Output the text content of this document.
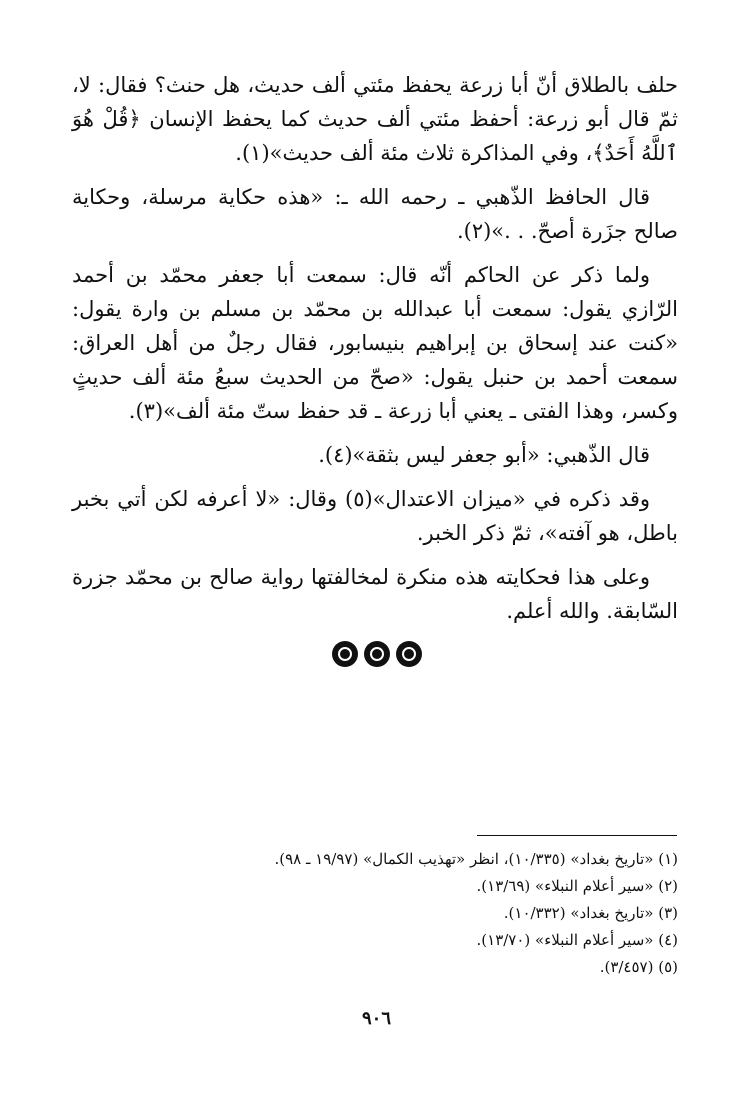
حلف بالطلاق أنّ أبا زرعة يحفظ مئتي ألف حديث، هل حنث؟ فقال: لا، ثمّ قال أبو زرعة: أحفظ مئتي ألف حديث كما يحفظ الإنسان ﴿قُلْ هُوَ ٱللَّهُ أَحَدٌ﴾، وفي المذاكرة ثلاث مئة ألف حديث»(١).

قال الحافظ الذّهبي ـ رحمه الله ـ: «هذه حكاية مرسلة، وحكاية صالح جزَرة أصحّ. . .»(٢).

ولما ذكر عن الحاكم أنّه قال: سمعت أبا جعفر محمّد بن أحمد الرّازي يقول: سمعت أبا عبدالله بن محمّد بن مسلم بن وارة يقول: «كنت عند إسحاق بن إبراهيم بنيسابور، فقال رجلٌ من أهل العراق: سمعت أحمد بن حنبل يقول: «صحّ من الحديث سبعُ مئة ألف حديثٍ وكسر، وهذا الفتى ـ يعني أبا زرعة ـ قد حفظ ستّ مئة ألف»(٣).

قال الذّهبي: «أبو جعفر ليس بثقة»(٤).

وقد ذكره في «ميزان الاعتدال»(٥) وقال: «لا أعرفه لكن أتي بخبر باطل، هو آفته»، ثمّ ذكر الخبر.

وعلى هذا فحكايته هذه منكرة لمخالفتها رواية صالح بن محمّد جزرة السّابقة. والله أعلم.

(١) «تاريخ بغداد» (١٠/٣٣٥)، انظر «تهذيب الكمال» (١٩/٩٧ ـ ٩٨).
(٢) «سير أعلام النبلاء» (١٣/٦٩).
(٣) «تاريخ بغداد» (١٠/٣٣٢).
(٤) «سير أعلام النبلاء» (١٣/٧٠).
(٥) (٣/٤٥٧).
٩٠٦
